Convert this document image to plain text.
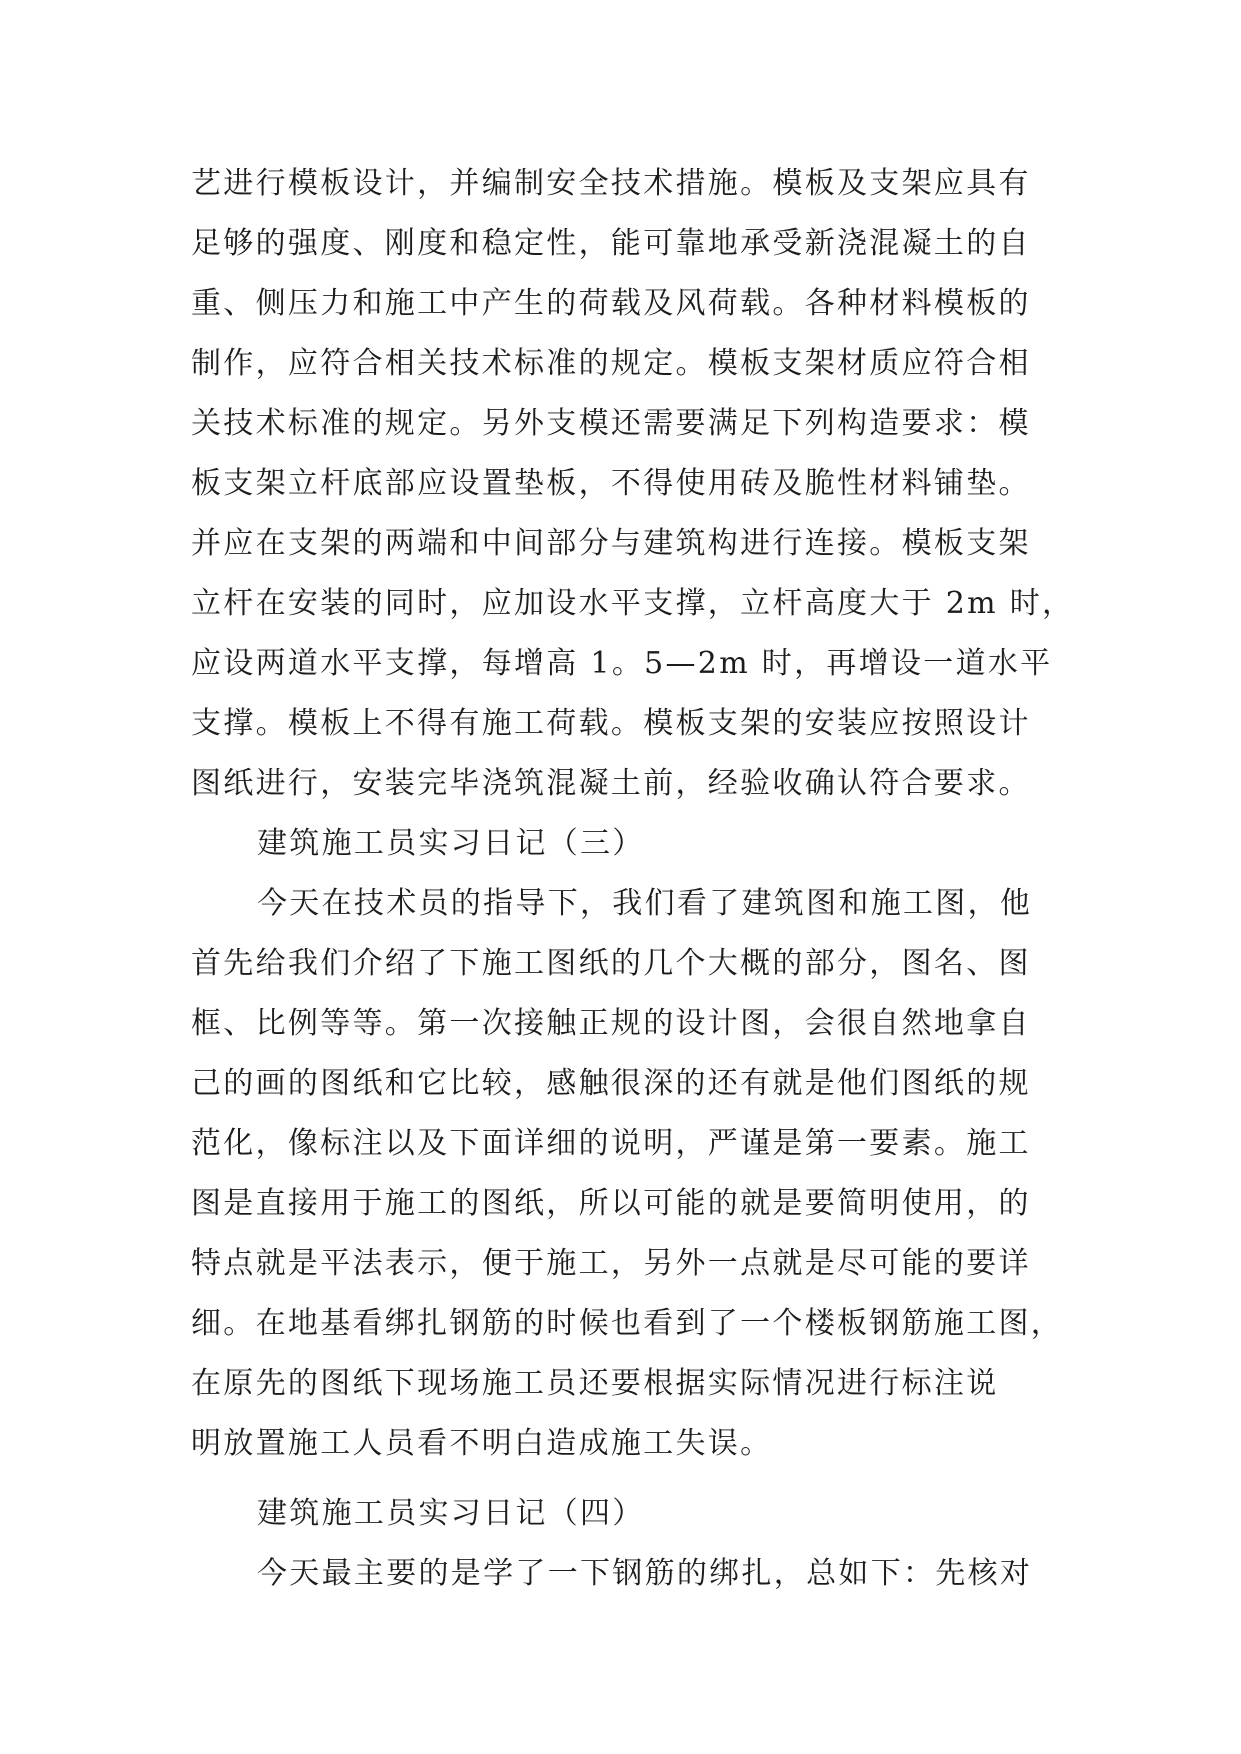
艺进行模板设计，并编制安全技术措施。模板及支架应具有
足够的强度、刚度和稳定性，能可靠地承受新浇混凝土的自
重、侧压力和施工中产生的荷载及风荷载。各种材料模板的
制作，应符合相关技术标准的规定。模板支架材质应符合相
关技术标准的规定。另外支模还需要满足下列构造要求：模
板支架立杆底部应设置垫板，不得使用砖及脆性材料铺垫。
并应在支架的两端和中间部分与建筑构进行连接。模板支架
立杆在安装的同时，应加设水平支撑，立杆高度大于 2m 时，
应设两道水平支撑，每增高 1。5—2m 时，再增设一道水平
支撑。模板上不得有施工荷载。模板支架的安装应按照设计
图纸进行，安装完毕浇筑混凝土前，经验收确认符合要求。
建筑施工员实习日记（三）
今天在技术员的指导下，我们看了建筑图和施工图，他
首先给我们介绍了下施工图纸的几个大概的部分，图名、图
框、比例等等。第一次接触正规的设计图，会很自然地拿自
己的画的图纸和它比较，感触很深的还有就是他们图纸的规
范化，像标注以及下面详细的说明，严谨是第一要素。施工
图是直接用于施工的图纸，所以可能的就是要简明使用，的
特点就是平法表示，便于施工，另外一点就是尽可能的要详
细。在地基看绑扎钢筋的时候也看到了一个楼板钢筋施工图，
在原先的图纸下现场施工员还要根据实际情况进行标注说
明放置施工人员看不明白造成施工失误。
建筑施工员实习日记（四）
今天最主要的是学了一下钢筋的绑扎，总如下：先核对
